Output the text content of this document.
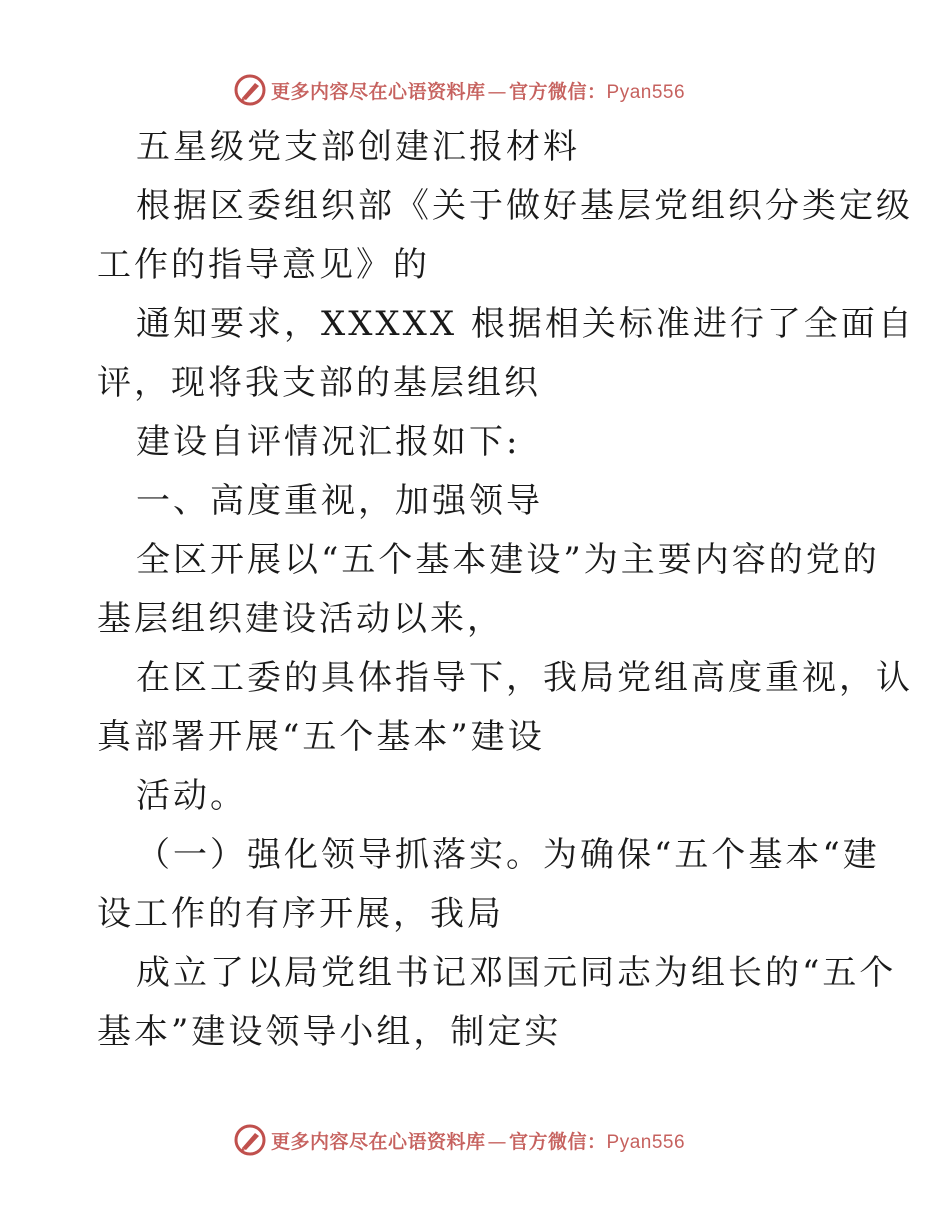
更多内容尽在心语资料库 — 官方微信：Pyan556
五星级党支部创建汇报材料
根据区委组织部《关于做好基层党组织分类定级
工作的指导意见》的
通知要求，XXXXX 根据相关标准进行了全面自
评，现将我支部的基层组织
建设自评情况汇报如下:
一、高度重视，加强领导
全区开展以“五个基本建设”为主要内容的党的
基层组织建设活动以来，
在区工委的具体指导下，我局党组高度重视，认
真部署开展“五个基本”建设
活动。
（一）强化领导抓落实。为确保“五个基本“建
设工作的有序开展，我局
成立了以局党组书记邓国元同志为组长的“五个
基本”建设领导小组，制定实
更多内容尽在心语资料库 — 官方微信：Pyan556
